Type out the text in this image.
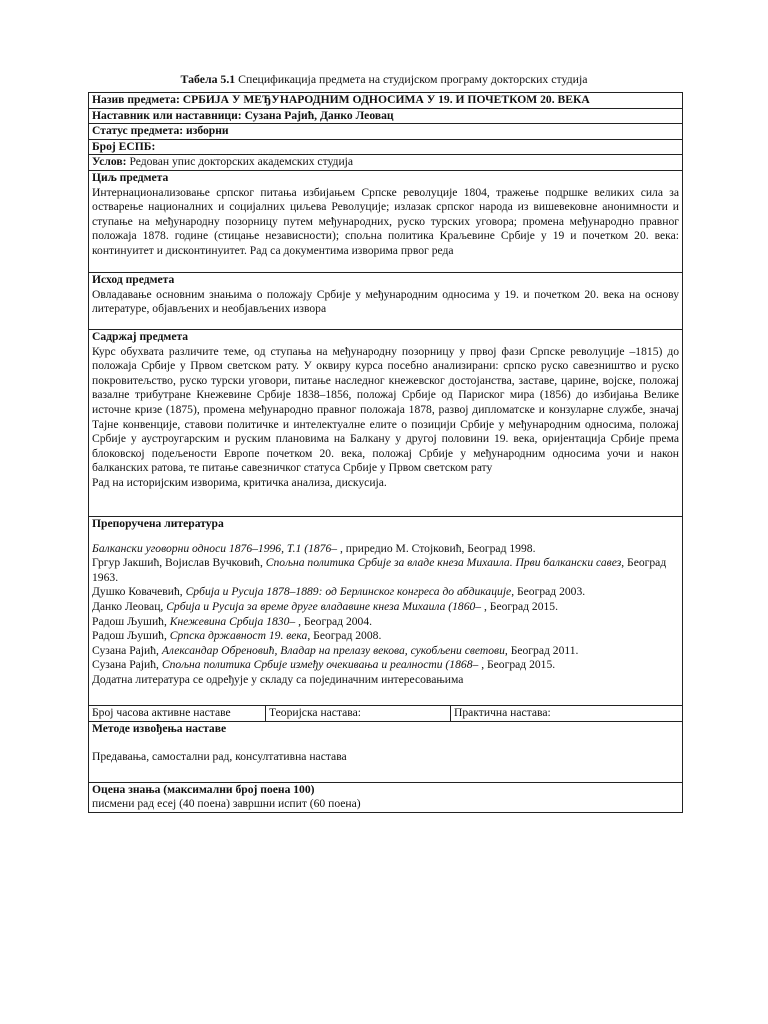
Табела 5.1 Спецификација предмета на студијском програму докторских студија
Назив предмета: СРБИЈА У МЕЂУНАРОДНИМ ОДНОСИМА У 19. И ПОЧЕТКОМ 20. ВЕКА
Наставник или наставници: Сузана Рајић, Данко Леовац
Статус предмета: изборни
Број ЕСПБ:
Услов: Редован упис докторских академских студија

Циљ предмета

Интернационализовање српског питања избијањем Српске револуције 1804, тражење подршке великих сила за остварење националних и социјалних циљева Револуције; излазак српског народа из вишевековне анонимности и ступање на међународну позорницу путем међународних, руско турских уговора; промена међународно правног положаја 1878. године (стицање независности); спољна политика Краљевине Србије у 19 и почетком 20. века: континуитет и дисконтинуитет. Рад са документима изворима првог реда

Исход предмета

Овладавање основним знањима о положају Србије у међународним односима у 19. и почетком 20. века на основу литературе, објављених и необјављених извора

Садржај предмета

Курс обухвата различите теме, од ступања на међународну позорницу у првој фази Српске револуције –1815) до положаја Србије у Првом светском рату. У оквиру курса посебно анализирани: српско руско савезништво и руско покровитељство, руско турски уговори, питање наследног кнежевског достојанства, заставе, царине, војске, положај вазалне трибутране Кнежевине Србије 1838–1856, положај Србије од Париског мира (1856) до избијања Велике источне кризе (1875), промена међународно правног положаја 1878, развој дипломатске и конзуларне службе, значај Тајне конвенције, ставови политичке и интелектуалне елите о позицији Србије у међународним односима, положај Србије у аустроугарским и руским плановима на Балкану у другој половини 19. века, оријентација Србије према блоковској подељености Европе почетком 20. века, положај Србије у међународним односима уочи и након балканских ратова, те питање савезничког статуса Србије у Првом светском рату

Рад на историјским изворима, критичка анализа, дискусија.

Препоручена литература

Балкански уговорни односи 1876–1996, Т.1 (1876– , приредио М. Стојковић, Београд 1998.

Гргур Јакшић, Војислав Вучковић, Спољна политика Србије за владе кнеза Михаила. Први балкански савез, Београд 1963.

Душко Ковачевић, Србија и Русија 1878–1889: од Берлинског конгреса до абдикације, Београд 2003.

Данко Леовац, Србија и Русија за време друге владавине кнеза Михаила (1860– , Београд 2015.

Радош Љушић, Кнежевина Србија 1830– , Београд 2004.

Радош Љушић, Српска државност 19. века, Београд 2008.

Сузана Рајић, Александар Обреновић, Владар на прелазу векова, сукобљени светови, Београд 2011.

Сузана Рајић, Спољна политика Србије између очекивања и реалности (1868– , Београд 2015.

Додатна литература се одређује у складу са појединачним интересовањима

Број часова активне наставе	Теоријска настава:	Практична настава:

Методе извођења наставе

Предавања, самостални рад, консултативна настава

Оцена знања (максимални број поена 100)

писмени рад есеј (40 поена) завршни испит (60 поена)
